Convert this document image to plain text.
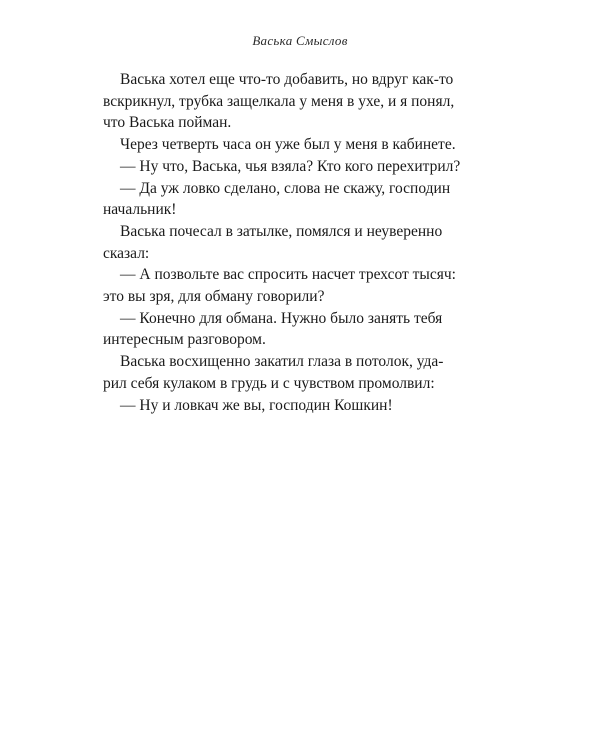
Васька Смыслов
Васька хотел еще что-то добавить, но вдруг как-то
вскрикнул, трубка защелкала у меня в ухе, и я понял,
что Васька пойман.
Через четверть часа он уже был у меня в кабинете.
— Ну что, Васька, чья взяла? Кто кого перехитрил?
— Да уж ловко сделано, слова не скажу, господин
начальник!
Васька почесал в затылке, помялся и неуверенно
сказал:
— А позвольте вас спросить насчет трехсот тысяч:
это вы зря, для обману говорили?
— Конечно для обмана. Нужно было занять тебя
интересным разговором.
Васька восхищенно закатил глаза в потолок, уда-
рил себя кулаком в грудь и с чувством промолвил:
— Ну и ловкач же вы, господин Кошкин!
